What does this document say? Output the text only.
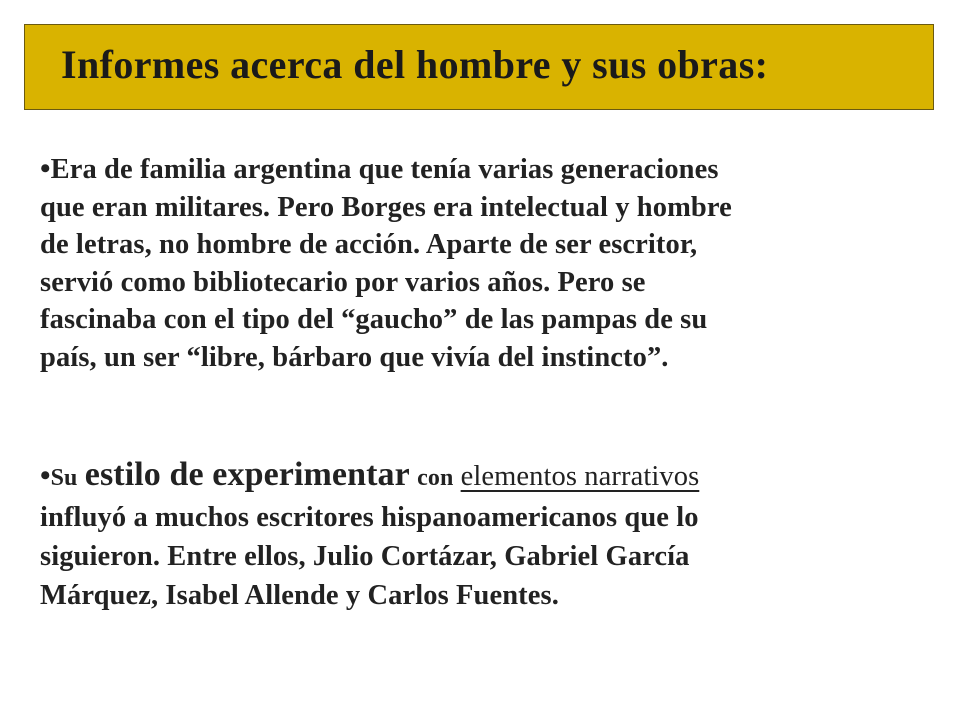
Informes acerca del hombre y sus obras:
•Era de familia argentina que tenía varias generaciones
que eran militares. Pero Borges era intelectual y hombre
de letras, no hombre de acción. Aparte de ser escritor,
servió como bibliotecario por varios años. Pero se
fascinaba con el tipo del “gaucho” de las pampas de su
país, un ser “libre, bárbaro que vivía del instincto”.
•Su estilo de experimentar con elementos narrativos
influyó a muchos escritores hispanoamericanos que lo
siguieron. Entre ellos, Julio Cortázar, Gabriel García
Márquez, Isabel Allende y Carlos Fuentes.
